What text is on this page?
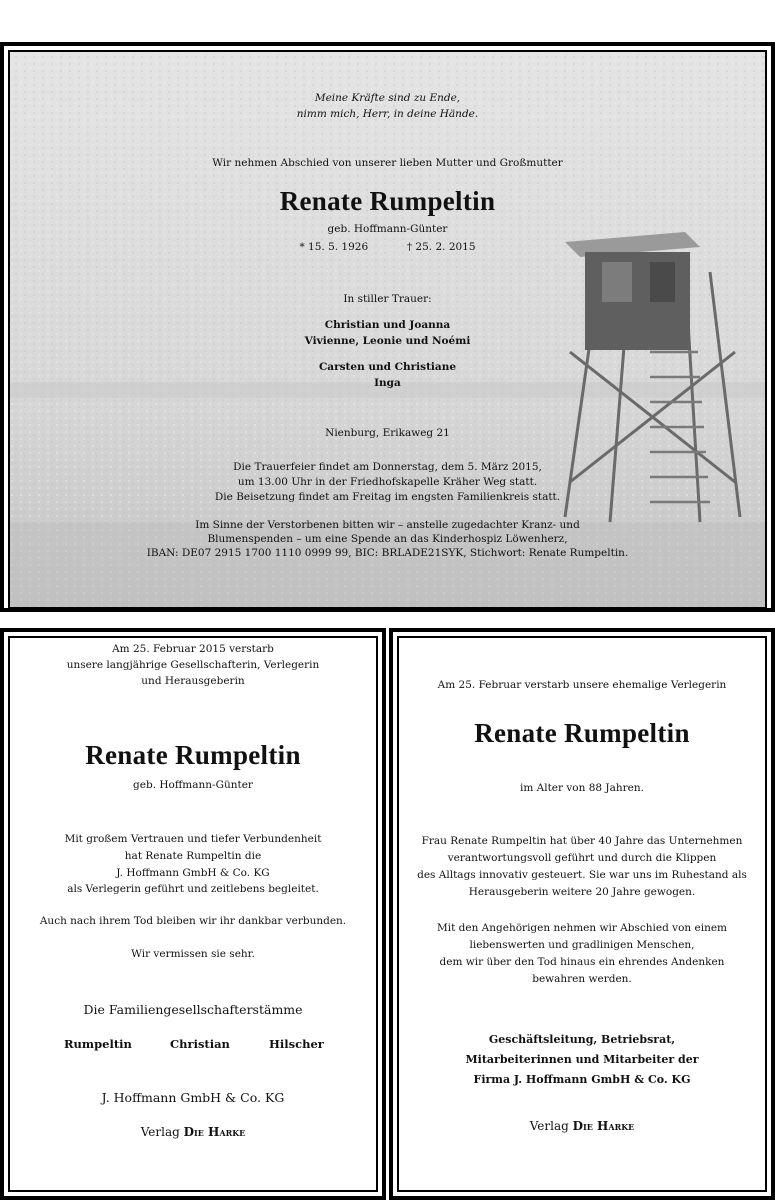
Meine Kräfte sind zu Ende,
nimm mich, Herr, in deine Hände.
Wir nehmen Abschied von unserer lieben Mutter und Großmutter
Renate Rumpeltin
geb. Hoffmann-Günter
* 15. 5. 1926	† 25. 2. 2015
In stiller Trauer:
Christian und Joanna
Vivienne, Leonie und Noémi
Carsten und Christiane
Inga
Nienburg, Erikaweg 21
Die Trauerfeier findet am Donnerstag, dem 5. März 2015,
um 13.00 Uhr in der Friedhofskapelle Kräher Weg statt.
Die Beisetzung findet am Freitag im engsten Familienkreis statt.
Im Sinne der Verstorbenen bitten wir – anstelle zugedachter Kranz- und
Blumenspenden – um eine Spende an das Kinderhospiz Löwenherz,
IBAN: DE07 2915 1700 1110 0999 99, BIC: BRLADE21SYK, Stichwort: Renate Rumpeltin.
Am 25. Februar 2015 verstarb
unsere langjährige Gesellschafterin, Verlegerin
und Herausgeberin
Renate Rumpeltin
geb. Hoffmann-Günter
Mit großem Vertrauen und tiefer Verbundenheit
hat Renate Rumpeltin die
J. Hoffmann GmbH & Co. KG
als Verlegerin geführt und zeitlebens begleitet.
Auch nach ihrem Tod bleiben wir ihr dankbar verbunden.
Wir vermissen sie sehr.
Die Familiengesellschafterstämme
Rumpeltin	Christian	Hilscher
J. Hoffmann GmbH & Co. KG
Verlag Die Harke
Am 25. Februar verstarb unsere ehemalige Verlegerin
Renate Rumpeltin
im Alter von 88 Jahren.
Frau Renate Rumpeltin hat über 40 Jahre das Unternehmen
verantwortungsvoll geführt und durch die Klippen
des Alltags innovativ gesteuert. Sie war uns im Ruhestand als
Herausgeberin weitere 20 Jahre gewogen.
Mit den Angehörigen nehmen wir Abschied von einem
liebenswerten und gradlinigen Menschen,
dem wir über den Tod hinaus ein ehrendes Andenken
bewahren werden.
Geschäftsleitung, Betriebsrat,
Mitarbeiterinnen und Mitarbeiter der
Firma J. Hoffmann GmbH & Co. KG
Verlag Die Harke
